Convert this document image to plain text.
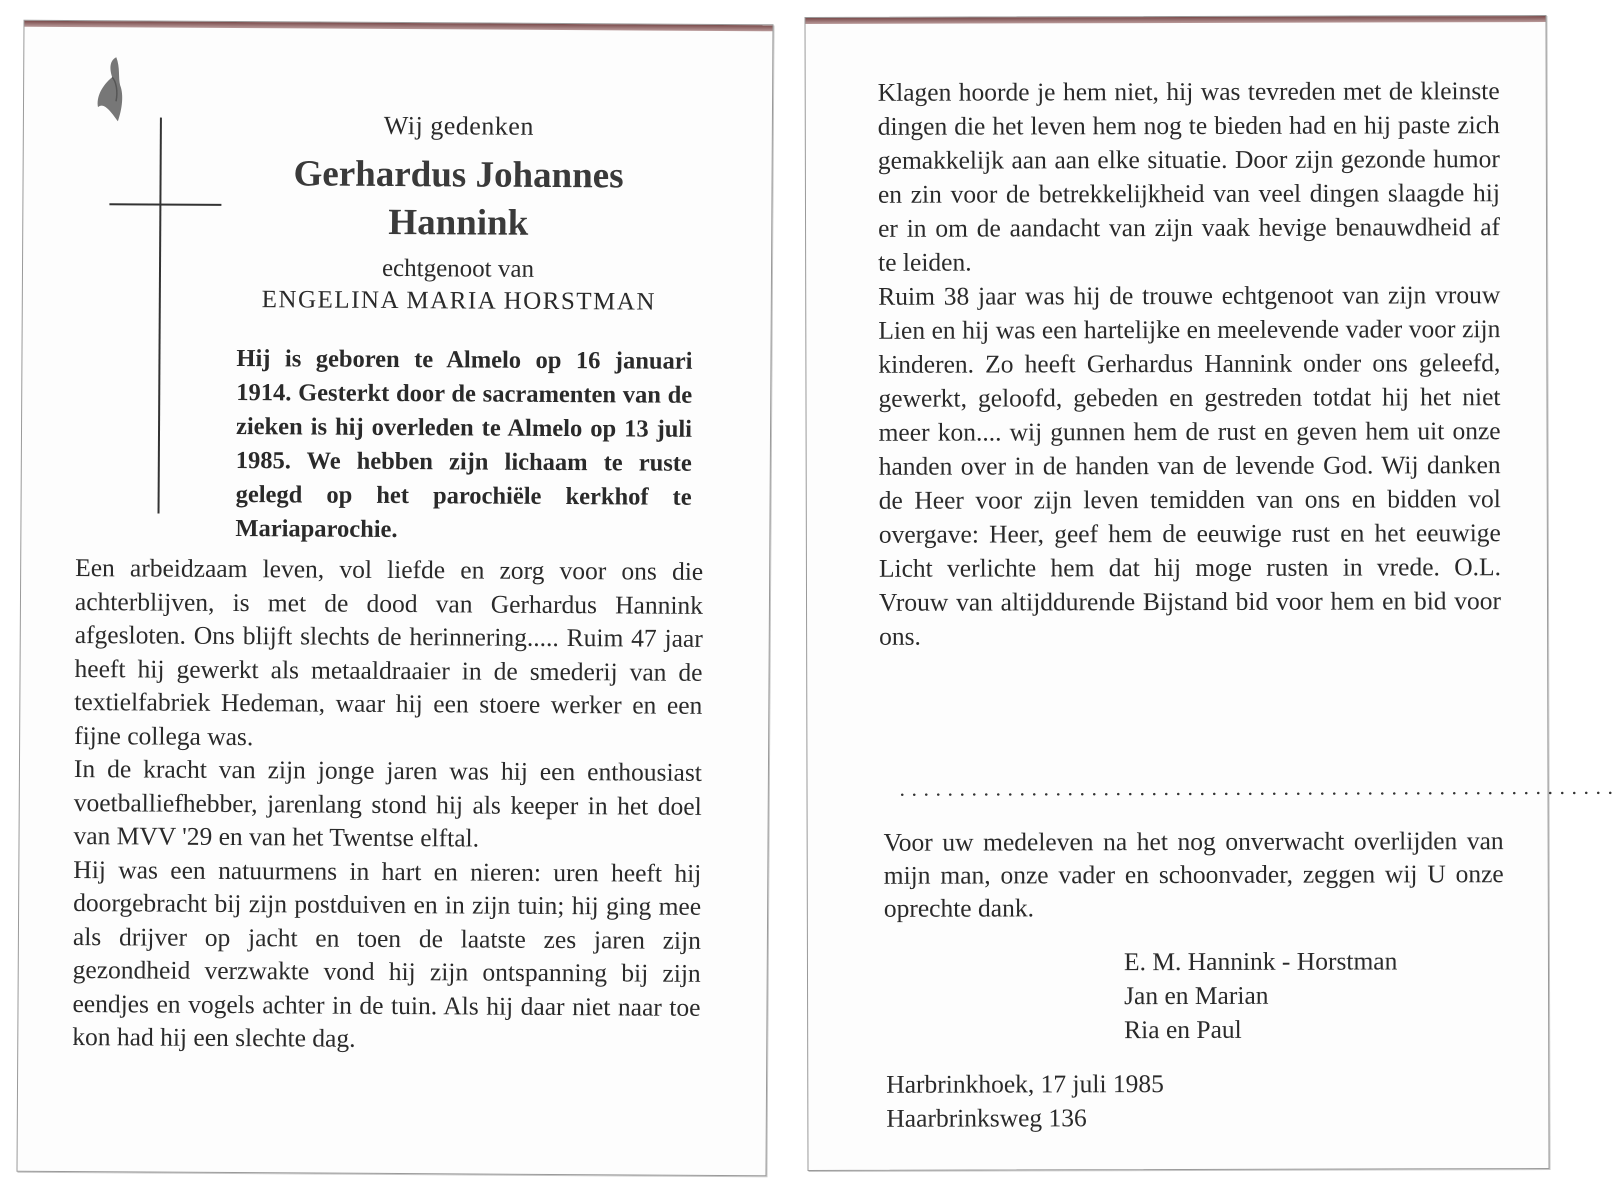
Wij gedenken
Gerhardus Johannes
Hannink
echtgenoot van
ENGELINA MARIA HORSTMAN
Hij is geboren te Almelo op 16 januari 1914. Gesterkt door de sacramenten van de zieken is hij overleden te Almelo op 13 juli 1985. We hebben zijn lichaam te ruste gelegd op het parochiële kerkhof te Mariaparochie.

Een arbeidzaam leven, vol liefde en zorg voor ons die achterblijven, is met de dood van Gerhardus Hannink afgesloten. Ons blijft slechts de herinnering..... Ruim 47 jaar heeft hij gewerkt als metaaldraaier in de smederij van de textielfabriek Hedeman, waar hij een stoere werker en een fijne collega was.

In de kracht van zijn jonge jaren was hij een enthousiast voetballiefhebber, jarenlang stond hij als keeper in het doel van MVV '29 en van het Twentse elftal.

Hij was een natuurmens in hart en nieren: uren heeft hij doorgebracht bij zijn postduiven en in zijn tuin; hij ging mee als drijver op jacht en toen de laatste zes jaren zijn gezondheid verzwakte vond hij zijn ontspanning bij zijn eendjes en vogels achter in de tuin. Als hij daar niet naar toe kon had hij een slechte dag.

Klagen hoorde je hem niet, hij was tevreden met de kleinste dingen die het leven hem nog te bieden had en hij paste zich gemakkelijk aan aan elke situatie. Door zijn gezonde humor en zin voor de betrekkelijkheid van veel dingen slaagde hij er in om de aandacht van zijn vaak hevige benauwdheid af te leiden.

Ruim 38 jaar was hij de trouwe echtgenoot van zijn vrouw Lien en hij was een hartelijke en meelevende vader voor zijn kinderen. Zo heeft Gerhardus Hannink onder ons geleefd, gewerkt, geloofd, gebeden en gestreden totdat hij het niet meer kon.... wij gunnen hem de rust en geven hem uit onze handen over in de handen van de levende God. Wij danken de Heer voor zijn leven temidden van ons en bidden vol overgave: Heer, geef hem de eeuwige rust en het eeuwige Licht verlichte hem dat hij moge rusten in vrede. O.L. Vrouw van altijddurende Bijstand bid voor hem en bid voor ons.

............................................................
Voor uw medeleven na het nog onverwacht overlijden van mijn man, onze vader en schoonvader, zeggen wij U onze oprechte dank.
E. M. Hannink - Horstman
Jan en Marian
Ria en Paul
Harbrinkhoek, 17 juli 1985
Haarbrinksweg 136
